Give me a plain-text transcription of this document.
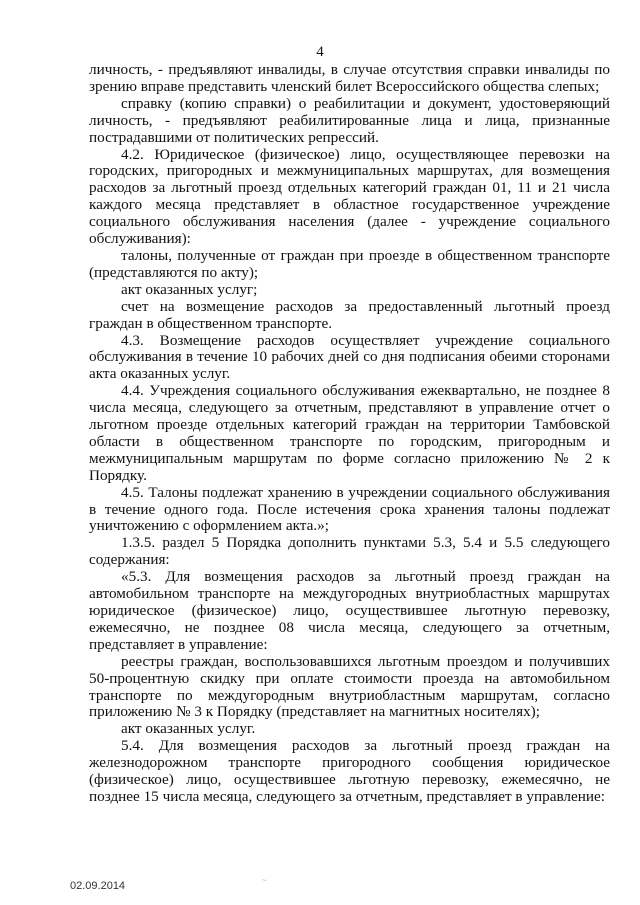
4

личность, - предъявляют инвалиды, в случае отсутствия справки инвалиды по зрению вправе представить членский билет Всероссийского общества слепых;

справку (копию справки) о реабилитации и документ, удостоверяющий личность, - предъявляют реабилитированные лица и лица, признанные пострадавшими от политических репрессий.

4.2. Юридическое (физическое) лицо, осуществляющее перевозки на городских, пригородных и межмуниципальных маршрутах, для возмещения расходов за льготный проезд отдельных категорий граждан 01, 11 и 21 числа каждого месяца представляет в областное государственное учреждение социального обслуживания населения (далее - учреждение социального обслуживания):

талоны, полученные от граждан при проезде в общественном транспорте (представляются по акту);

акт оказанных услуг;

счет на возмещение расходов за предоставленный льготный проезд граждан в общественном транспорте.

4.3. Возмещение расходов осуществляет учреждение социального обслуживания в течение 10 рабочих дней со дня подписания обеими сторонами акта оказанных услуг.

4.4. Учреждения социального обслуживания ежеквартально, не позднее 8 числа месяца, следующего за отчетным, представляют в управление отчет о льготном проезде отдельных категорий граждан на территории Тамбовской области в общественном транспорте по городским, пригородным и межмуниципальным маршрутам по форме согласно приложению № 2 к Порядку.

4.5. Талоны подлежат хранению в учреждении социального обслуживания в течение одного года. После истечения срока хранения талоны подлежат уничтожению с оформлением акта.»;

1.3.5. раздел 5 Порядка дополнить пунктами 5.3, 5.4 и 5.5 следующего содержания:

«5.3. Для возмещения расходов за льготный проезд граждан на автомобильном транспорте на междугородных внутриобластных маршрутах юридическое (физическое) лицо, осуществившее льготную перевозку, ежемесячно, не позднее 08 числа месяца, следующего за отчетным, представляет в управление:

реестры граждан, воспользовавшихся льготным проездом и получивших 50-процентную скидку при оплате стоимости проезда на автомобильном транспорте по междугородным внутриобластным маршрутам, согласно приложению № 3 к Порядку (представляет на магнитных носителях);

акт оказанных услуг.

5.4. Для возмещения расходов за льготный проезд граждан на железнодорожном транспорте пригородного сообщения юридическое (физическое) лицо, осуществившее льготную перевозку, ежемесячно, не позднее 15 числа месяца, следующего за отчетным, представляет в управление:

~
02.09.2014
